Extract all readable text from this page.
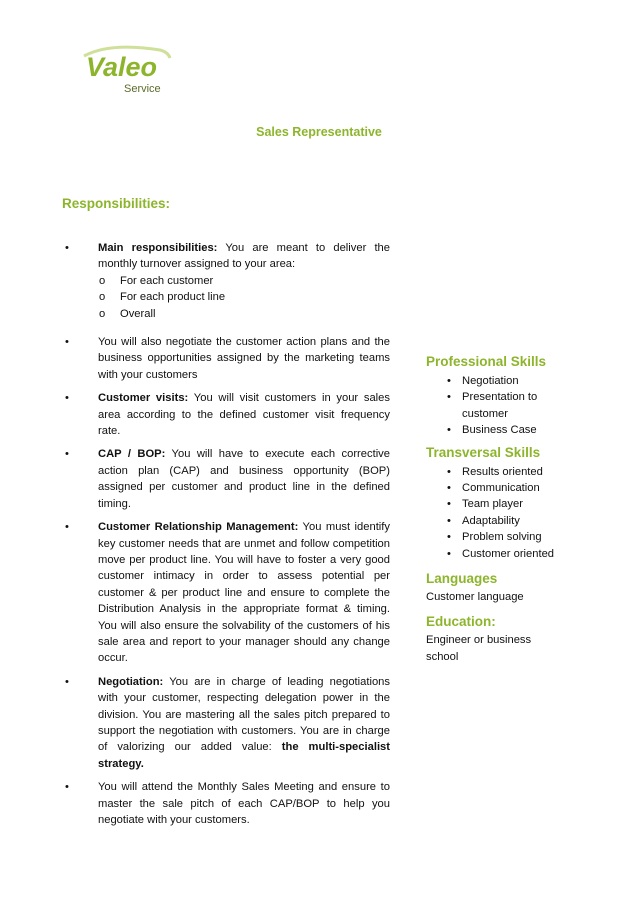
Valeo
Service
Sales Representative
Responsibilities:
•	Main responsibilities: You are meant to deliver the monthly turnover assigned to your area:
o For each customer
o For each product line
o Overall
•	You will also negotiate the customer action plans and the business opportunities assigned by the marketing teams with your customers
•	Customer visits: You will visit customers in your sales area according to the defined customer visit frequency rate.
•	CAP / BOP: You will have to execute each corrective action plan (CAP) and business opportunity (BOP) assigned per customer and product line in the defined timing.
•	Customer Relationship Management: You must identify key customer needs that are unmet and follow competition move per product line. You will have to foster a very good customer intimacy in order to assess potential per customer & per product line and ensure to complete the Distribution Analysis in the appropriate format & timing. You will also ensure the solvability of the customers of his sale area and report to your manager should any change occur.
•	Negotiation: You are in charge of leading negotiations with your customer, respecting delegation power in the division. You are mastering all the sales pitch prepared to support the negotiation with customers. You are in charge of valorizing our added value: the multi-specialist strategy.
•	You will attend the Monthly Sales Meeting and ensure to master the sale pitch of each CAP/BOP to help you negotiate with your customers.
Professional Skills
• Negotiation
• Presentation to customer
• Business Case
Transversal Skills
• Results oriented
• Communication
• Team player
• Adaptability
• Problem solving
• Customer oriented
Languages
Customer language
Education:
Engineer or business school
